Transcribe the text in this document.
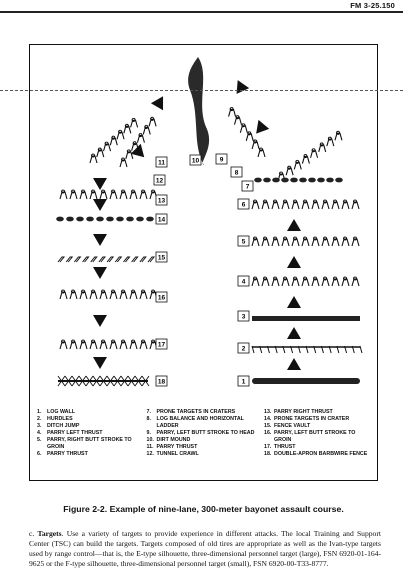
FM 3-25.150
10
11
12
9
8
7
13
14
15
16
17
18
6
5
4
3
2
1
1.	LOG WALL
2.	HURDLES
3.	DITCH JUMP
4.	PARRY LEFT THRUST
5.	PARRY, RIGHT BUTT STROKE TO GROIN
6.	PARRY THRUST
7.	PRONE TARGETS IN CRATERS
8.	LOG BALANCE AND HORIZONTAL LADDER
9.	PARRY, LEFT BUTT STROKE TO HEAD
10. DIRT MOUND
11. PARRY THRUST
12. TUNNEL CRAWL
13. PARRY RIGHT THRUST
14. PRONE TARGETS IN CRATER
15. FENCE VAULT
16. PARRY, LEFT BUTT STROKE TO GROIN
17. THRUST
18. DOUBLE-APRON BARBWIRE FENCE
Figure 2-2. Example of nine-lane, 300-meter bayonet assault course.
c. Targets. Use a variety of targets to provide experience in different attacks. The local Training and Support Center (TSC) can build the targets. Targets composed of old tires are appropriate as well as the Ivan-type targets used by range control—that is, the E-type silhouette, three-dimensional personnel target (large), FSN 6920-01-164-9625 or the F-type silhouette, three-dimensional personnel target (small), FSN 6920-00-T33-8777.
